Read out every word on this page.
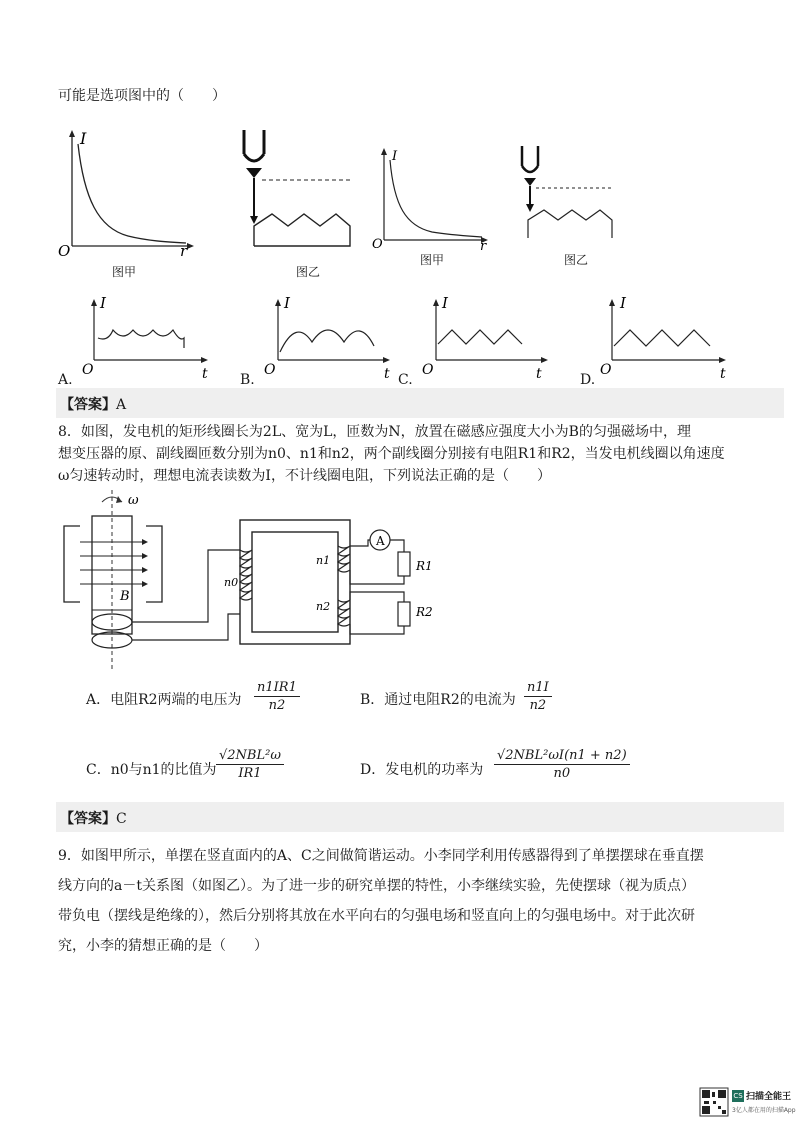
可能是选项图中的（　　）
I
O	r
图甲	图乙
I
O	r
图甲	图乙
I
O	t
A.
I
O	t
B.
I
O	t
C.
I
O	t
D.
【答案】A
8．如图，发电机的矩形线圈长为2L、宽为L，匝数为N，放置在磁感应强度大小为B的匀强磁场中，理
想变压器的原、副线圈匝数分别为n0、n1和n2，两个副线圈分别接有电阻R1和R2，当发电机线圈以角速度
ω匀速转动时，理想电流表读数为I，不计线圈电阻，下列说法正确的是（　　）
ω
B
n0
n1
A
R1
n2	R2
A．电阻R2两端的电压为 $\frac{n1IR1}{n2}$	B．通过电阻R2的电流为 $\frac{n1I}{n2}$
C．n0与n1的比值为
√2NBL²ω
IR1	D．发电机的功率为
√2NBL²ωI(n1 + n2)
n0
【答案】C
9．如图甲所示，单摆在竖直面内的A、C之间做简谐运动。小李同学利用传感器得到了单摆摆球在垂直摆
线方向的a－t关系图（如图乙）。为了进一步的研究单摆的特性，小李继续实验，先使摆球（视为质点）
带负电（摆线是绝缘的），然后分别将其放在水平向右的匀强电场和竖直向上的匀强电场中。对于此次研
究，小李的猜想正确的是（　　）
CS 扫描全能王
3亿人都在用的扫描App
